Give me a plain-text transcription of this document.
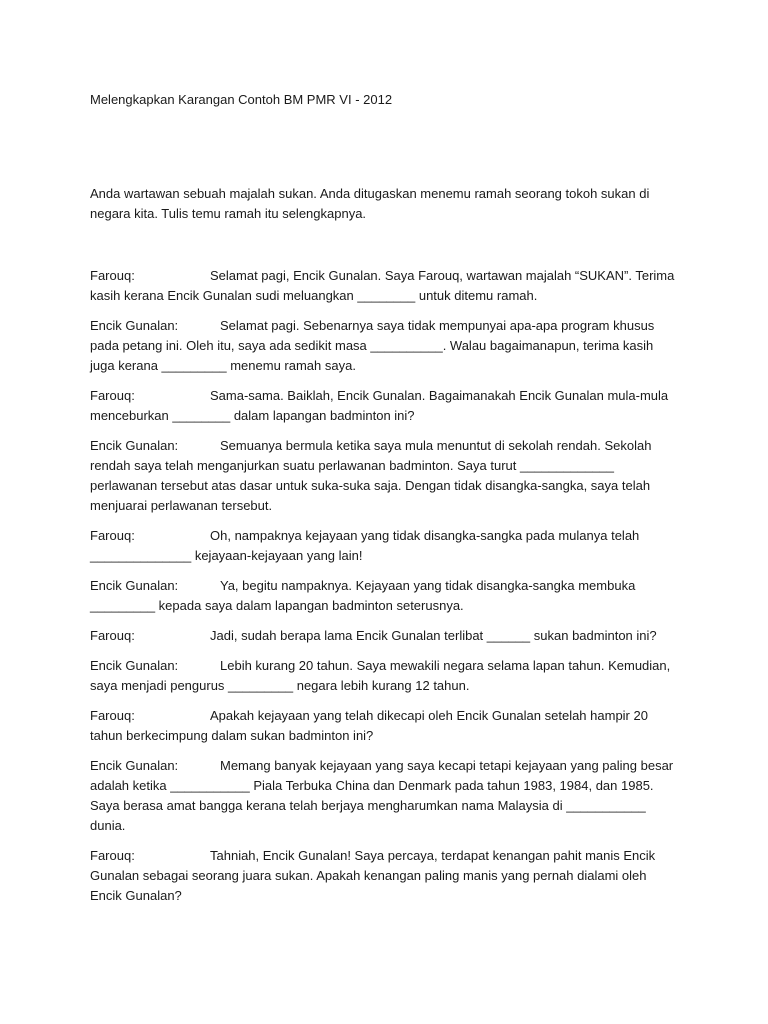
Melengkapkan Karangan Contoh BM PMR VI - 2012

Anda wartawan sebuah majalah sukan. Anda ditugaskan menemu ramah seorang tokoh sukan di negara kita. Tulis temu ramah itu selengkapnya.

Farouq:	Selamat pagi, Encik Gunalan. Saya Farouq, wartawan majalah “SUKAN”. Terima kasih kerana Encik Gunalan sudi meluangkan ________ untuk ditemu ramah.

Encik Gunalan:	Selamat pagi. Sebenarnya saya tidak mempunyai apa-apa program khusus pada petang ini. Oleh itu, saya ada sedikit masa __________. Walau bagaimanapun, terima kasih juga kerana _________ menemu ramah saya.

Farouq:	Sama-sama. Baiklah, Encik Gunalan. Bagaimanakah Encik Gunalan mula-mula menceburkan ________ dalam lapangan badminton ini?

Encik Gunalan:	Semuanya bermula ketika saya mula menuntut di sekolah rendah. Sekolah rendah saya telah menganjurkan suatu perlawanan badminton. Saya turut _____________ perlawanan tersebut atas dasar untuk suka-suka saja. Dengan tidak disangka-sangka, saya telah menjuarai perlawanan tersebut.

Farouq:	Oh, nampaknya kejayaan yang tidak disangka-sangka pada mulanya telah ______________ kejayaan-kejayaan yang lain!

Encik Gunalan:	Ya, begitu nampaknya. Kejayaan yang tidak disangka-sangka membuka _________ kepada saya dalam lapangan badminton seterusnya.

Farouq:	Jadi, sudah berapa lama Encik Gunalan terlibat ______ sukan badminton ini?

Encik Gunalan:	Lebih kurang 20 tahun. Saya mewakili negara selama lapan tahun. Kemudian, saya menjadi pengurus _________ negara lebih kurang 12 tahun.

Farouq:	Apakah kejayaan yang telah dikecapi oleh Encik Gunalan setelah hampir 20 tahun berkecimpung dalam sukan badminton ini?

Encik Gunalan:	Memang banyak kejayaan yang saya kecapi tetapi kejayaan yang paling besar adalah ketika ___________ Piala Terbuka China dan Denmark pada tahun 1983, 1984, dan 1985. Saya berasa amat bangga kerana telah berjaya mengharumkan nama Malaysia di ___________ dunia.

Farouq:	Tahniah, Encik Gunalan! Saya percaya, terdapat kenangan pahit manis Encik Gunalan sebagai seorang juara sukan. Apakah kenangan paling manis yang pernah dialami oleh Encik Gunalan?
